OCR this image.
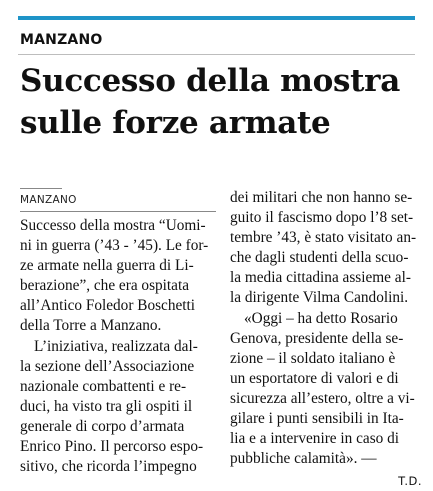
MANZANO
Successo della mostra
sulle forze armate
MANZANO
Successo della mostra “Uomi-
ni in guerra (’43 - ’45). Le for-
ze armate nella guerra di Li-
berazione”, che era ospitata
all’Antico Foledor Boschetti
della Torre a Manzano.
L’iniziativa, realizzata dal-
la sezione dell’Associazione
nazionale combattenti e re-
duci, ha visto tra gli ospiti il
generale di corpo d’armata
Enrico Pino. Il percorso espo-
sitivo, che ricorda l’impegno
dei militari che non hanno se-
guito il fascismo dopo l’8 set-
tembre ’43, è stato visitato an-
che dagli studenti della scuo-
la media cittadina assieme al-
la dirigente Vilma Candolini.
«Oggi – ha detto Rosario
Genova, presidente della se-
zione – il soldato italiano è
un esportatore di valori e di
sicurezza all’estero, oltre a vi-
gilare i punti sensibili in Ita-
lia e a intervenire in caso di
pubbliche calamità». —
T.D.
